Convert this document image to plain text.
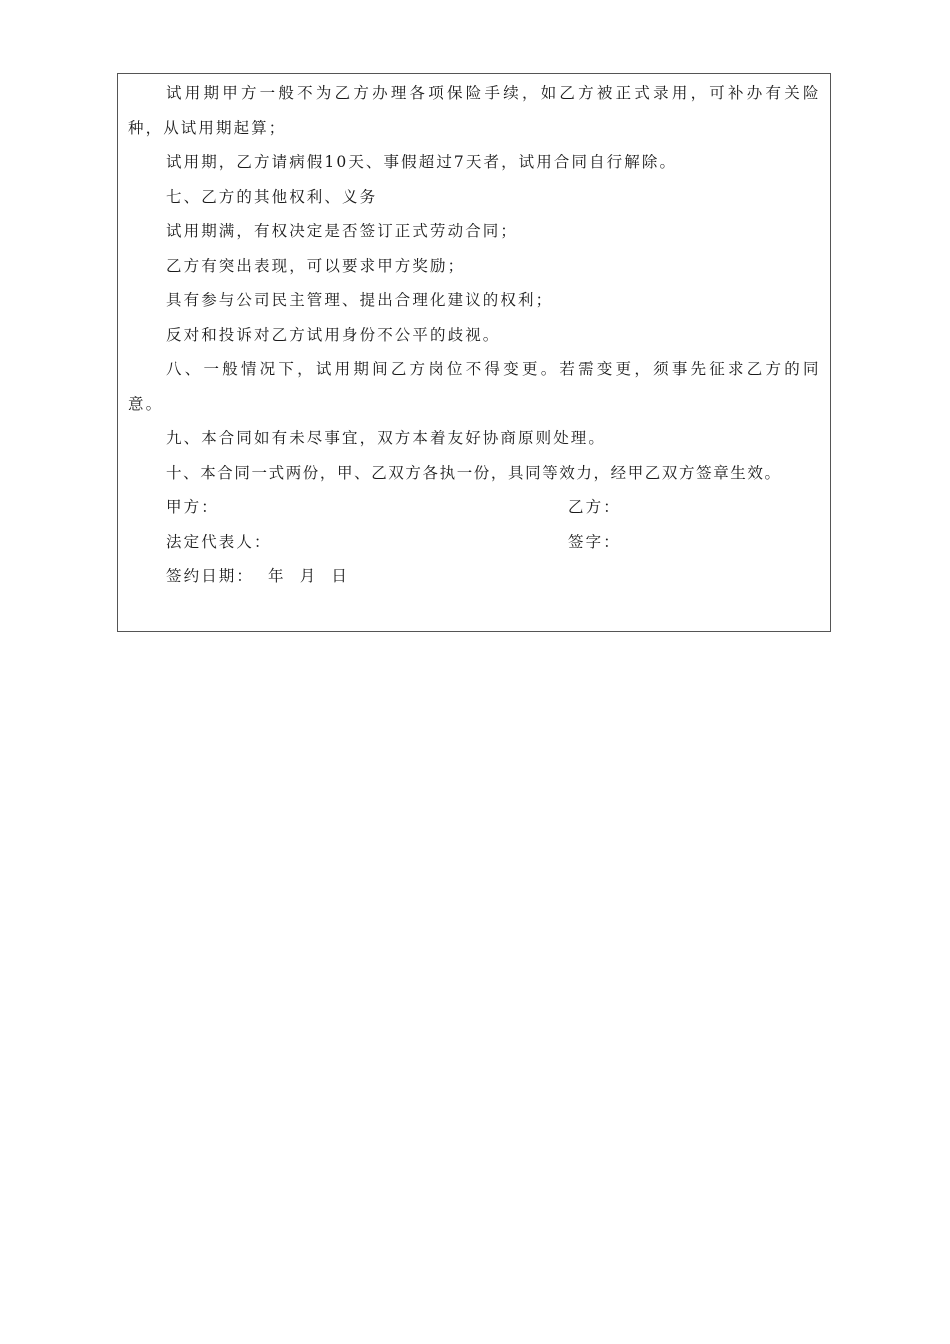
试用期甲方一般不为乙方办理各项保险手续，如乙方被正式录用，可补办有关险
种，从试用期起算；
试用期，乙方请病假10天、事假超过7天者，试用合同自行解除。
七、乙方的其他权利、义务
试用期满，有权决定是否签订正式劳动合同；
乙方有突出表现，可以要求甲方奖励；
具有参与公司民主管理、提出合理化建议的权利；
反对和投诉对乙方试用身份不公平的歧视。
八、一般情况下，试用期间乙方岗位不得变更。若需变更，须事先征求乙方的同
意。
九、本合同如有未尽事宜，双方本着友好协商原则处理。
十、本合同一式两份，甲、乙双方各执一份，具同等效力，经甲乙双方签章生效。
甲方：	乙方：
法定代表人：	签字：
签约日期：  年  月  日
